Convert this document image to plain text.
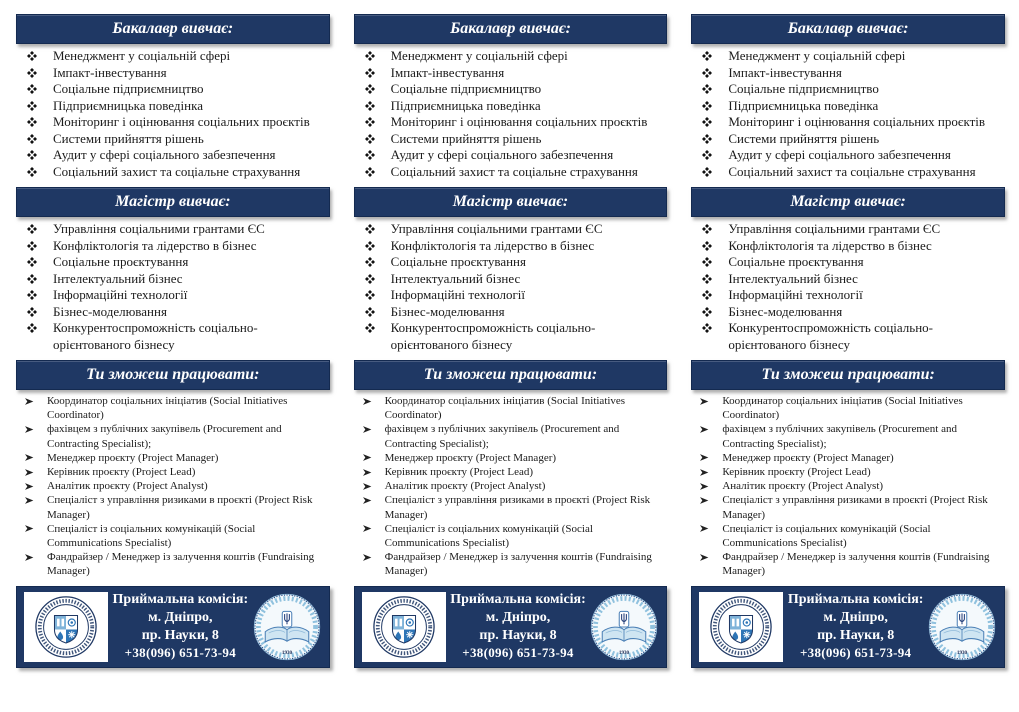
Бакалавр вивчає:
Менеджмент у соціальній сфері
Імпакт-інвестування
Соціальне підприємництво
Підприємницька поведінка
Моніторинг і оцінювання соціальних проєктів
Системи прийняття рішень
Аудит у сфері соціального забезпечення
Соціальний захист та соціальне страхування
Магістр вивчає:
Управління соціальними грантами ЄС
Конфліктологія та лідерство в бізнес
Соціальне проєктування
Інтелектуальний бізнес
Інформаційні технології
Бізнес-моделювання
Конкурентоспроможність соціально-орієнтованого бізнесу
Ти зможеш працювати:
Координатор соціальних ініціатив (Social Initiatives Coordinator)
фахівцем з публічних закупівель (Procurement and Contracting Specialist);
Менеджер проєкту (Project Manager)
Керівник проєкту (Project Lead)
Аналітик проєкту (Project Analyst)
Спеціаліст з управління ризиками в проєкті (Project Risk Manager)
Спеціаліст із соціальних комунікацій (Social Communications Specialist)
Фандрайзер / Менеджер із залучення коштів (Fundraising Manager)
Приймальна комісія:
м. Дніпро,
пр. Науки, 8
+38(096) 651-73-94
Бакалавр вивчає:
Менеджмент у соціальній сфері
Імпакт-інвестування
Соціальне підприємництво
Підприємницька поведінка
Моніторинг і оцінювання соціальних проєктів
Системи прийняття рішень
Аудит у сфері соціального забезпечення
Соціальний захист та соціальне страхування
Магістр вивчає:
Управління соціальними грантами ЄС
Конфліктологія та лідерство в бізнес
Соціальне проєктування
Інтелектуальний бізнес
Інформаційні технології
Бізнес-моделювання
Конкурентоспроможність соціально-орієнтованого бізнесу
Ти зможеш працювати:
Координатор соціальних ініціатив (Social Initiatives Coordinator)
фахівцем з публічних закупівель (Procurement and Contracting Specialist);
Менеджер проєкту (Project Manager)
Керівник проєкту (Project Lead)
Аналітик проєкту (Project Analyst)
Спеціаліст з управління ризиками в проєкті (Project Risk Manager)
Спеціаліст із соціальних комунікацій (Social Communications Specialist)
Фандрайзер / Менеджер із залучення коштів (Fundraising Manager)
Приймальна комісія:
м. Дніпро,
пр. Науки, 8
+38(096) 651-73-94
Бакалавр вивчає:
Менеджмент у соціальній сфері
Імпакт-інвестування
Соціальне підприємництво
Підприємницька поведінка
Моніторинг і оцінювання соціальних проєктів
Системи прийняття рішень
Аудит у сфері соціального забезпечення
Соціальний захист та соціальне страхування
Магістр вивчає:
Управління соціальними грантами ЄС
Конфліктологія та лідерство в бізнес
Соціальне проєктування
Інтелектуальний бізнес
Інформаційні технології
Бізнес-моделювання
Конкурентоспроможність соціально-орієнтованого бізнесу
Ти зможеш працювати:
Координатор соціальних ініціатив (Social Initiatives Coordinator)
фахівцем з публічних закупівель (Procurement and Contracting Specialist);
Менеджер проєкту (Project Manager)
Керівник проєкту (Project Lead)
Аналітик проєкту (Project Analyst)
Спеціаліст з управління ризиками в проєкті (Project Risk Manager)
Спеціаліст із соціальних комунікацій (Social Communications Specialist)
Фандрайзер / Менеджер із залучення коштів (Fundraising Manager)
Приймальна комісія:
м. Дніпро,
пр. Науки, 8
+38(096) 651-73-94
